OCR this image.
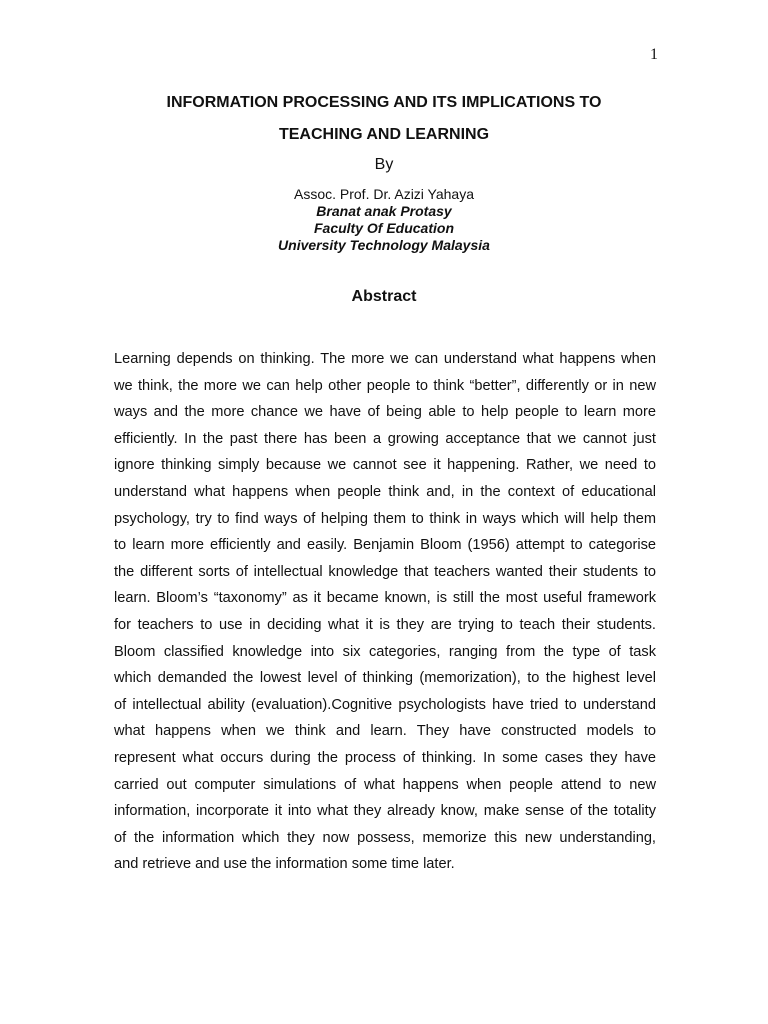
1
INFORMATION PROCESSING AND ITS IMPLICATIONS TO
TEACHING AND LEARNING
By
Assoc. Prof. Dr. Azizi Yahaya
Branat anak Protasy
Faculty Of Education
University Technology Malaysia
Abstract

Learning depends on thinking. The more we can understand what happens when
we think, the more we can help other people to think “better”, differently or in new
ways and the more chance we have of being able to help people to learn more
efficiently. In the past there has been a growing acceptance that we cannot just
ignore thinking simply because we cannot see it happening. Rather, we need to
understand what happens when people think and, in the context of educational
psychology, try to find ways of helping them to think in ways which will help them
to learn more efficiently and easily. Benjamin Bloom (1956) attempt to categorise
the different sorts of intellectual knowledge that teachers wanted their students to
learn. Bloom’s “taxonomy” as it became known, is still the most useful framework
for teachers to use in deciding what it is they are trying to teach their students.
Bloom classified knowledge into six categories, ranging from the type of task
which demanded the lowest level of thinking (memorization), to the highest level
of intellectual ability (evaluation).Cognitive psychologists have tried to understand
what happens when we think and learn. They have constructed models to
represent what occurs during the process of thinking. In some cases they have
carried out computer simulations of what happens when people attend to new
information, incorporate it into what they already know, make sense of the totality
of the information which they now possess, memorize this new understanding,
and retrieve and use the information some time later.
